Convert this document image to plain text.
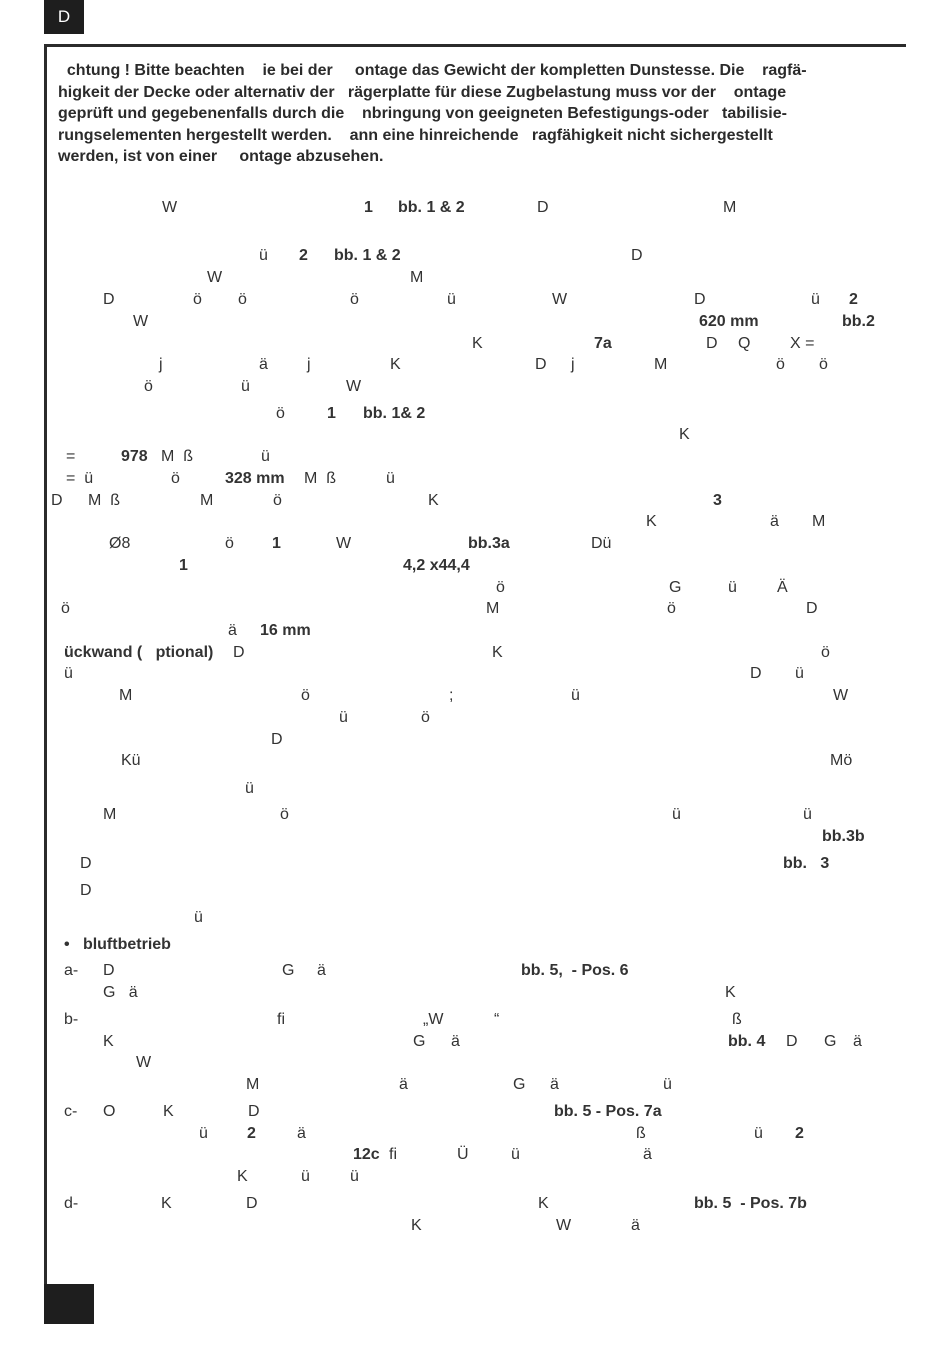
D
chtung ! Bitte beachten    ie bei der     ontage das Gewicht der kompletten Dunstesse. Die    ragfä-
higkeit der Decke oder alternativ der   rägerplatte für diese Zugbelastung muss vor der    ontage
geprüft und gegebenenfalls durch die    nbringung von geeigneten Befestigungs-oder   tabilisie-
rungselementen hergestellt werden.    ann eine hinreichende   ragfähigkeit nicht sichergestellt
werden, ist von einer     ontage abzusehen.
W	1 bb. 1 & 2	D	M
ü 2 bb. 1 & 2	D
W	M
D	ö ö	ö	ü	W	D	ü 2
W	620 mm	bb.2
K	7a	D Q X =
j	ä j	K	D j	M	ö ö
ö	ü	W
ö	1 bb. 1& 2
K
=	978 M  ß	ü
=  ü	ö	328 mm M  ß	ü
D M  ß	M	ö	K	3
K	ä M
Ø8	ö 1	W	bb.3a	Dü
1	4,2 x44,4
ö	G	ü	Ä
ö	M	ö	D
ä 16 mm
ückwand (   ptional) D	K	ö
ü	D ü
M	ö	;	ü	W
ü	ö
D
Kü	Mö
ü
M	ö	ü	ü
bb.3b
D	bb.   3
D
ü
•   bluftbetrieb
a- D	G ä	bb. 5,  - Pos. 6
G   ä	K
b-	fi	„W	“	ß
K	G ä	bb. 4 D G ä
W
M	ä	G ä	ü
c- O	K	D	bb. 5 - Pos. 7a
ü 2	ä	ß	ü 2
12c fi	Ü	ü	ä
K	ü	ü
d-	K	D	K	bb. 5  - Pos. 7b
K	W	ä
